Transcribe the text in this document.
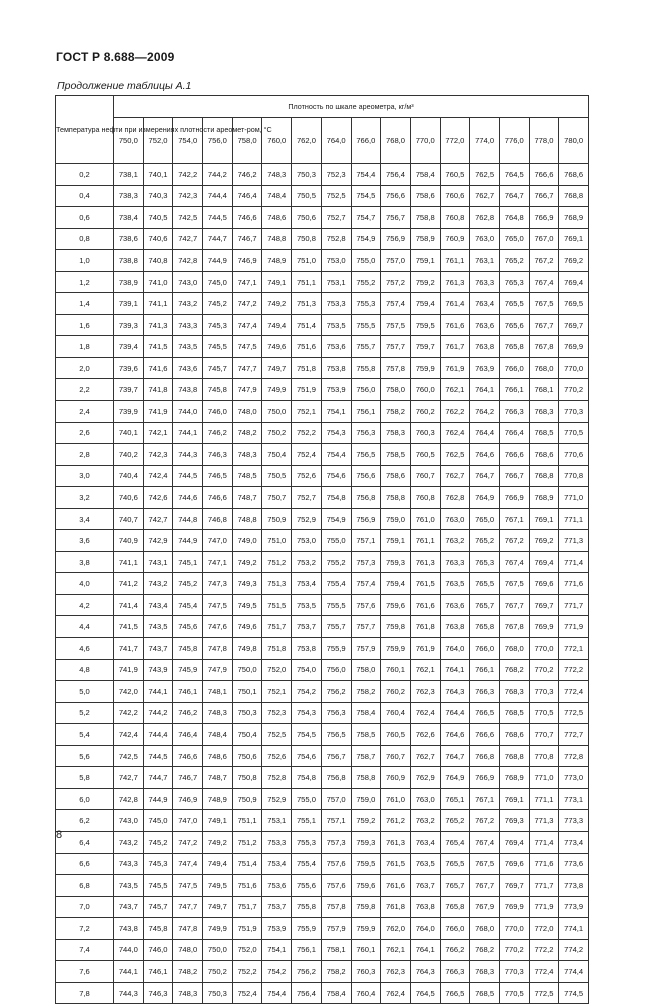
ГОСТ Р 8.688—2009
Продолжение таблицы А.1
Температура нефти при измерениях плотности ареомет-ром, °С	Плотность по шкале ареометра, кг/м³															
	750,0	752,0	754,0	756,0	758,0	760,0	762,0	764,0	766,0	768,0	770,0	772,0	774,0	776,0	778,0	780,0
0,2	738,1	740,1	742,2	744,2	746,2	748,3	750,3	752,3	754,4	756,4	758,4	760,5	762,5	764,5	766,6	768,6
0,4	738,3	740,3	742,3	744,4	746,4	748,4	750,5	752,5	754,5	756,6	758,6	760,6	762,7	764,7	766,7	768,8
0,6	738,4	740,5	742,5	744,5	746,6	748,6	750,6	752,7	754,7	756,7	758,8	760,8	762,8	764,8	766,9	768,9
0,8	738,6	740,6	742,7	744,7	746,7	748,8	750,8	752,8	754,9	756,9	758,9	760,9	763,0	765,0	767,0	769,1
1,0	738,8	740,8	742,8	744,9	746,9	748,9	751,0	753,0	755,0	757,0	759,1	761,1	763,1	765,2	767,2	769,2
1,2	738,9	741,0	743,0	745,0	747,1	749,1	751,1	753,1	755,2	757,2	759,2	761,3	763,3	765,3	767,4	769,4
1,4	739,1	741,1	743,2	745,2	747,2	749,2	751,3	753,3	755,3	757,4	759,4	761,4	763,4	765,5	767,5	769,5
1,6	739,3	741,3	743,3	745,3	747,4	749,4	751,4	753,5	755,5	757,5	759,5	761,6	763,6	765,6	767,7	769,7
1,8	739,4	741,5	743,5	745,5	747,5	749,6	751,6	753,6	755,7	757,7	759,7	761,7	763,8	765,8	767,8	769,9
2,0	739,6	741,6	743,6	745,7	747,7	749,7	751,8	753,8	755,8	757,8	759,9	761,9	763,9	766,0	768,0	770,0
2,2	739,7	741,8	743,8	745,8	747,9	749,9	751,9	753,9	756,0	758,0	760,0	762,1	764,1	766,1	768,1	770,2
2,4	739,9	741,9	744,0	746,0	748,0	750,0	752,1	754,1	756,1	758,2	760,2	762,2	764,2	766,3	768,3	770,3
2,6	740,1	742,1	744,1	746,2	748,2	750,2	752,2	754,3	756,3	758,3	760,3	762,4	764,4	766,4	768,5	770,5
2,8	740,2	742,3	744,3	746,3	748,3	750,4	752,4	754,4	756,5	758,5	760,5	762,5	764,6	766,6	768,6	770,6
3,0	740,4	742,4	744,5	746,5	748,5	750,5	752,6	754,6	756,6	758,6	760,7	762,7	764,7	766,7	768,8	770,8
3,2	740,6	742,6	744,6	746,6	748,7	750,7	752,7	754,8	756,8	758,8	760,8	762,8	764,9	766,9	768,9	771,0
3,4	740,7	742,7	744,8	746,8	748,8	750,9	752,9	754,9	756,9	759,0	761,0	763,0	765,0	767,1	769,1	771,1
3,6	740,9	742,9	744,9	747,0	749,0	751,0	753,0	755,0	757,1	759,1	761,1	763,2	765,2	767,2	769,2	771,3
3,8	741,1	743,1	745,1	747,1	749,2	751,2	753,2	755,2	757,3	759,3	761,3	763,3	765,3	767,4	769,4	771,4
4,0	741,2	743,2	745,2	747,3	749,3	751,3	753,4	755,4	757,4	759,4	761,5	763,5	765,5	767,5	769,6	771,6
4,2	741,4	743,4	745,4	747,5	749,5	751,5	753,5	755,5	757,6	759,6	761,6	763,6	765,7	767,7	769,7	771,7
4,4	741,5	743,5	745,6	747,6	749,6	751,7	753,7	755,7	757,7	759,8	761,8	763,8	765,8	767,8	769,9	771,9
4,6	741,7	743,7	745,8	747,8	749,8	751,8	753,8	755,9	757,9	759,9	761,9	764,0	766,0	768,0	770,0	772,1
4,8	741,9	743,9	745,9	747,9	750,0	752,0	754,0	756,0	758,0	760,1	762,1	764,1	766,1	768,2	770,2	772,2
5,0	742,0	744,1	746,1	748,1	750,1	752,1	754,2	756,2	758,2	760,2	762,3	764,3	766,3	768,3	770,3	772,4
5,2	742,2	744,2	746,2	748,3	750,3	752,3	754,3	756,3	758,4	760,4	762,4	764,4	766,5	768,5	770,5	772,5
5,4	742,4	744,4	746,4	748,4	750,4	752,5	754,5	756,5	758,5	760,5	762,6	764,6	766,6	768,6	770,7	772,7
5,6	742,5	744,5	746,6	748,6	750,6	752,6	754,6	756,7	758,7	760,7	762,7	764,7	766,8	768,8	770,8	772,8
5,8	742,7	744,7	746,7	748,7	750,8	752,8	754,8	756,8	758,8	760,9	762,9	764,9	766,9	768,9	771,0	773,0
6,0	742,8	744,9	746,9	748,9	750,9	752,9	755,0	757,0	759,0	761,0	763,0	765,1	767,1	769,1	771,1	773,1
6,2	743,0	745,0	747,0	749,1	751,1	753,1	755,1	757,1	759,2	761,2	763,2	765,2	767,2	769,3	771,3	773,3
6,4	743,2	745,2	747,2	749,2	751,2	753,3	755,3	757,3	759,3	761,3	763,4	765,4	767,4	769,4	771,4	773,4
6,6	743,3	745,3	747,4	749,4	751,4	753,4	755,4	757,6	759,5	761,5	763,5	765,5	767,5	769,6	771,6	773,6
6,8	743,5	745,5	747,5	749,5	751,6	753,6	755,6	757,6	759,6	761,6	763,7	765,7	767,7	769,7	771,7	773,8
7,0	743,7	745,7	747,7	749,7	751,7	753,7	755,8	757,8	759,8	761,8	763,8	765,8	767,9	769,9	771,9	773,9
7,2	743,8	745,8	747,8	749,9	751,9	753,9	755,9	757,9	759,9	762,0	764,0	766,0	768,0	770,0	772,0	774,1
7,4	744,0	746,0	748,0	750,0	752,0	754,1	756,1	758,1	760,1	762,1	764,1	766,2	768,2	770,2	772,2	774,2
7,6	744,1	746,1	748,2	750,2	752,2	754,2	756,2	758,2	760,3	762,3	764,3	766,3	768,3	770,3	772,4	774,4
7,8	744,3	746,3	748,3	750,3	752,4	754,4	756,4	758,4	760,4	762,4	764,5	766,5	768,5	770,5	772,5	774,5
8
